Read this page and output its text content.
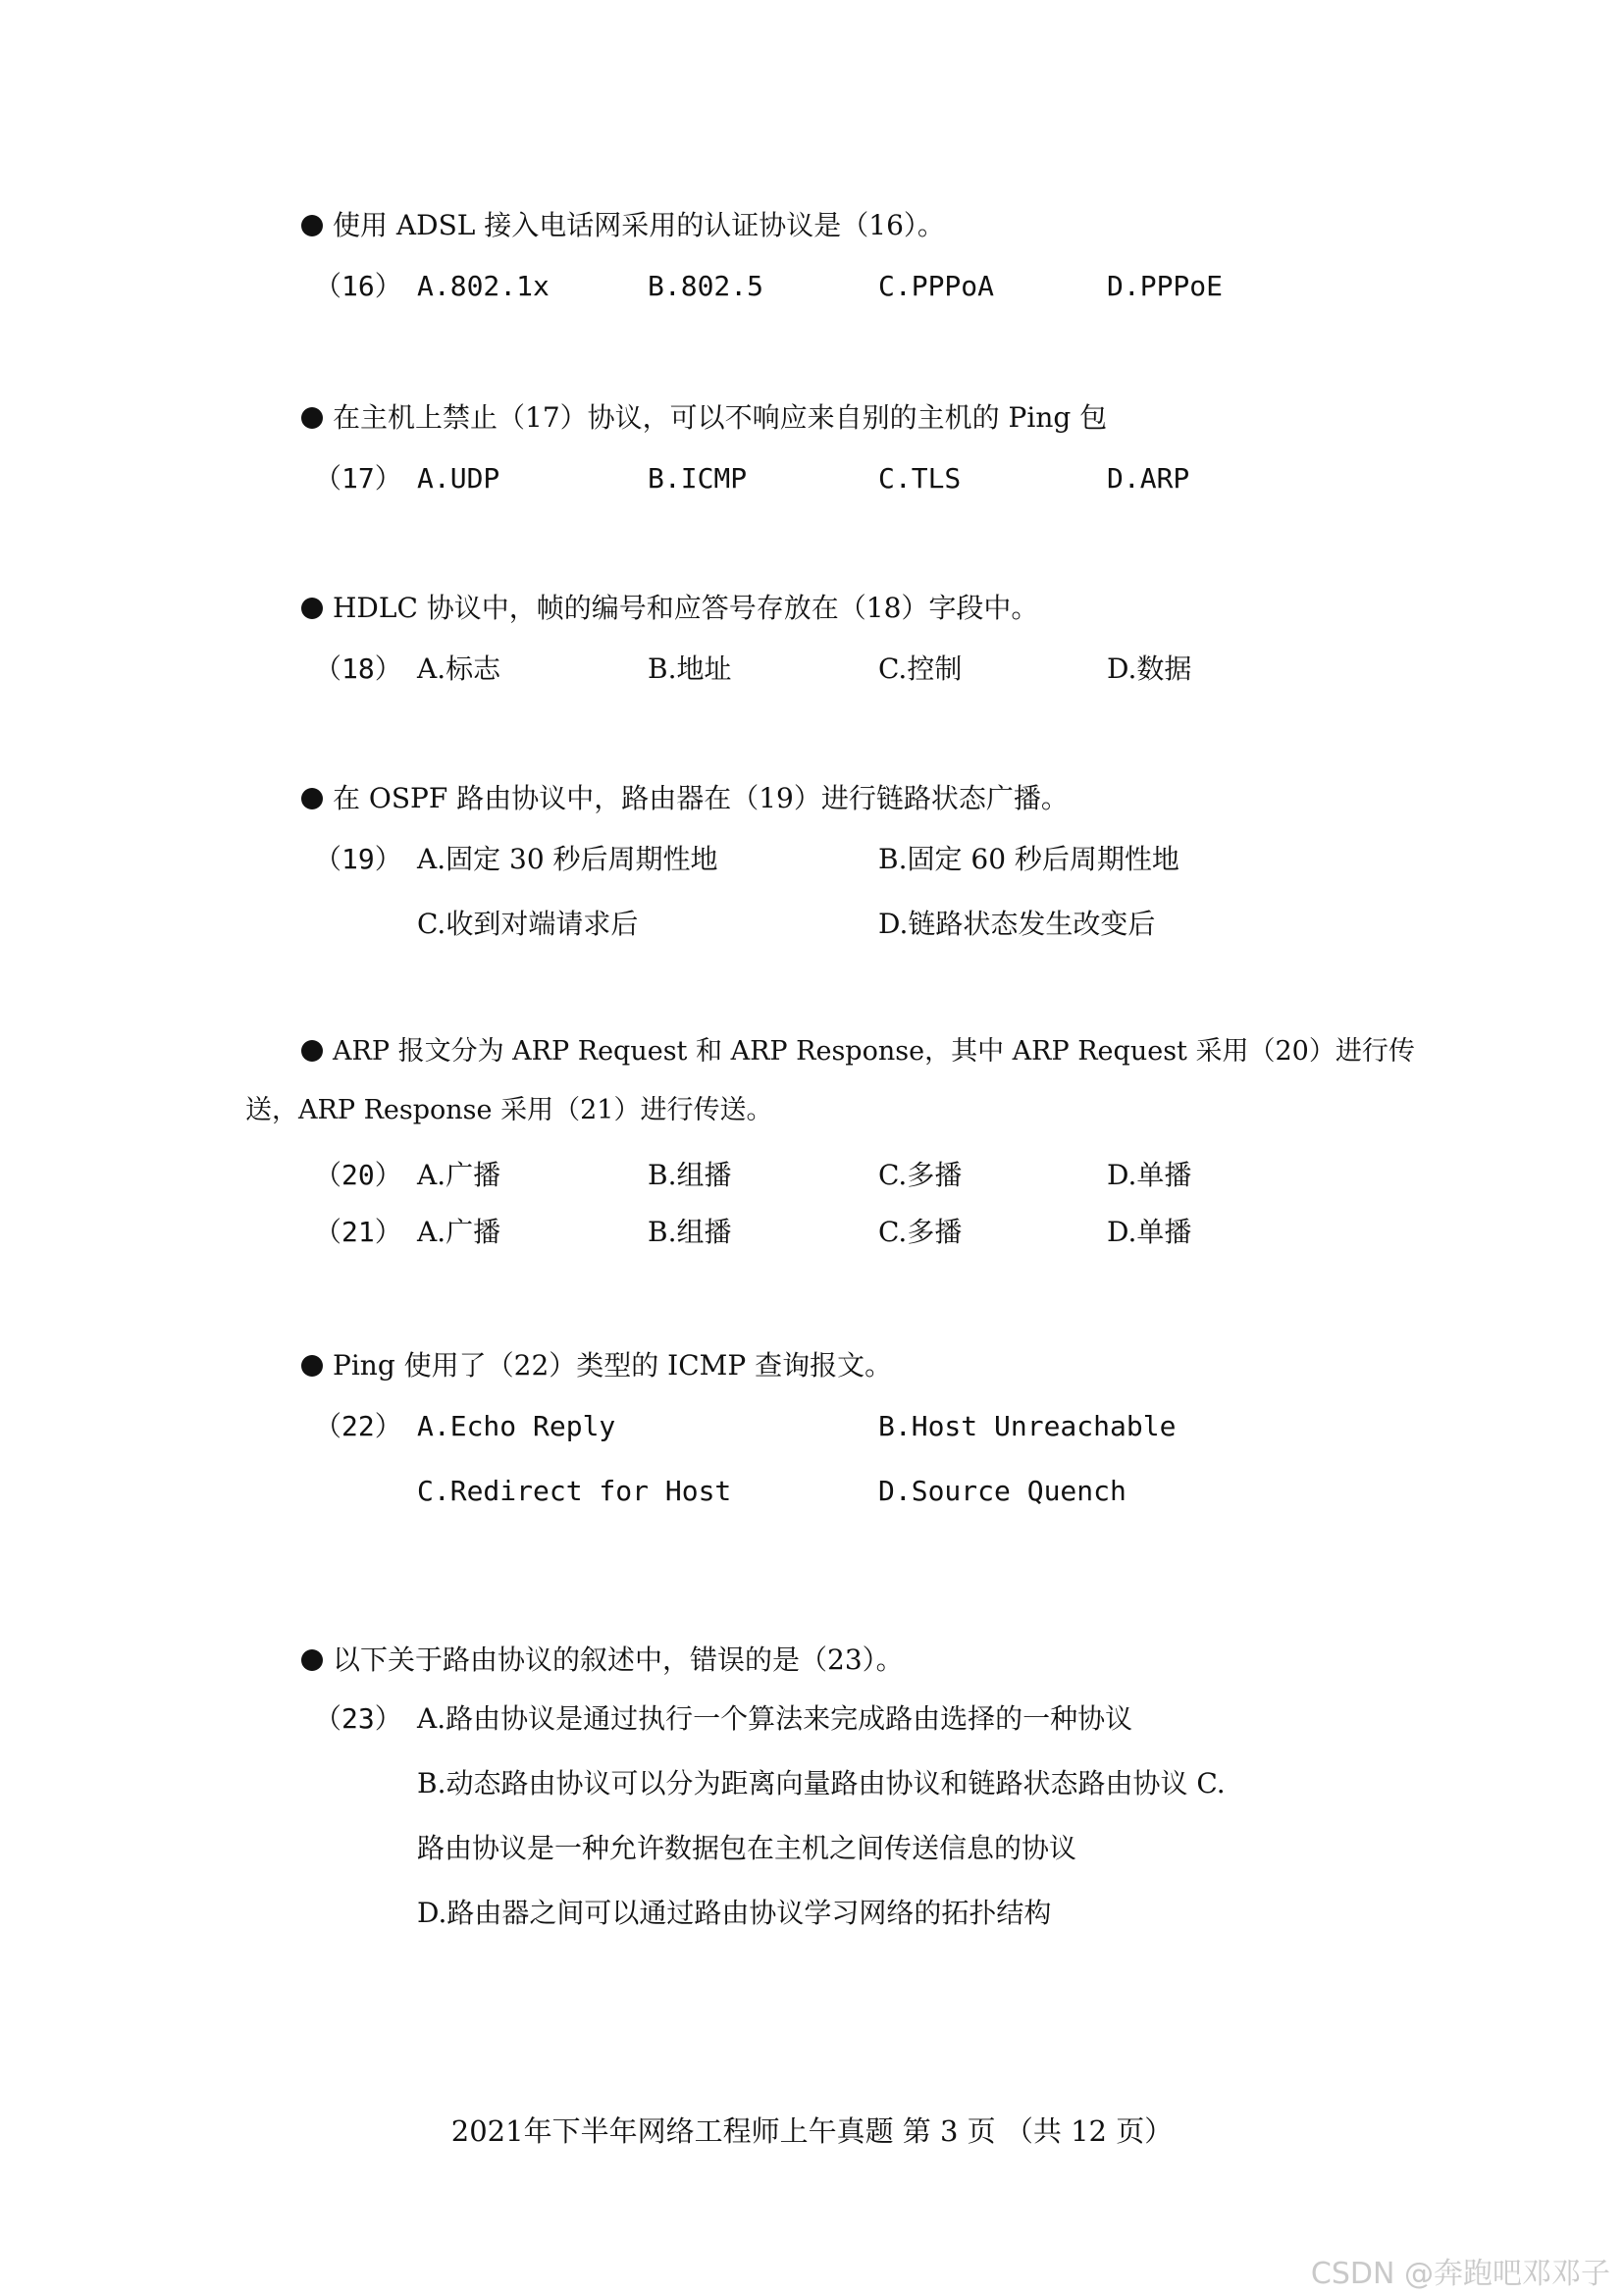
使用 ADSL 接入电话网采用的认证协议是（16）。
（16） A.802.1x	B.802.5	C.PPPoA	D.PPPoE
在主机上禁止（17）协议，可以不响应来自别的主机的 Ping 包
（17） A.UDP	B.ICMP	C.TLS	D.ARP
HDLC 协议中，帧的编号和应答号存放在（18）字段中。
（18） A.标志	B.地址	C.控制	D.数据
在 OSPF 路由协议中，路由器在（19）进行链路状态广播。
（19） A.固定 30 秒后周期性地	B.固定 60 秒后周期性地
C.收到对端请求后	D.链路状态发生改变后
ARP 报文分为 ARP Request 和 ARP Response，其中 ARP Request 采用（20）进行传
送，ARP Response 采用（21）进行传送。
（20） A.广播	B.组播	C.多播	D.单播
（21） A.广播	B.组播	C.多播	D.单播
Ping 使用了（22）类型的 ICMP 查询报文。
（22） A.Echo Reply	B.Host Unreachable
C.Redirect for Host	D.Source Quench
以下关于路由协议的叙述中，错误的是（23）。
（23） A.路由协议是通过执行一个算法来完成路由选择的一种协议
B.动态路由协议可以分为距离向量路由协议和链路状态路由协议 C.
路由协议是一种允许数据包在主机之间传送信息的协议
D.路由器之间可以通过路由协议学习网络的拓扑结构
2021年下半年网络工程师上午真题 第 3 页 （共 12 页）
CSDN @奔跑吧邓邓子
